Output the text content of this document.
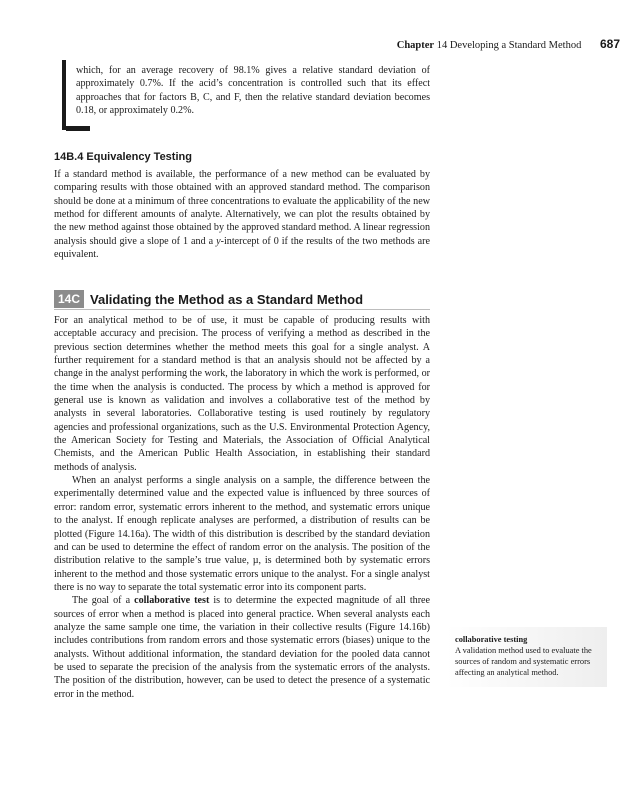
Chapter 14 Developing a Standard Method 687

which, for an average recovery of 98.1% gives a relative standard deviation of approximately 0.7%. If the acid’s concentration is controlled such that its effect approaches that for factors B, C, and F, then the relative standard deviation becomes 0.18, or approximately 0.2%.

14B.4 Equivalency Testing

If a standard method is available, the performance of a new method can be evaluated by comparing results with those obtained with an approved standard method. The comparison should be done at a minimum of three concentrations to evaluate the applicability of the new method for different amounts of analyte. Alternatively, we can plot the results obtained by the new method against those obtained by the approved standard method. A linear regression analysis should give a slope of 1 and a y-intercept of 0 if the results of the two methods are equivalent.

14C Validating the Method as a Standard Method

For an analytical method to be of use, it must be capable of producing results with acceptable accuracy and precision. The process of verifying a method as described in the previous section determines whether the method meets this goal for a single analyst. A further requirement for a standard method is that an analysis should not be affected by a change in the analyst performing the work, the laboratory in which the work is performed, or the time when the analysis is conducted. The process by which a method is approved for general use is known as validation and involves a collaborative test of the method by analysts in several laboratories. Collaborative testing is used routinely by regulatory agencies and professional organizations, such as the U.S. Environmental Protection Agency, the American Society for Testing and Materials, the Association of Official Analytical Chemists, and the American Public Health Association, in establishing their standard methods of analysis.

When an analyst performs a single analysis on a sample, the difference between the experimentally determined value and the expected value is influenced by three sources of error: random error, systematic errors inherent to the method, and systematic errors unique to the analyst. If enough replicate analyses are performed, a distribution of results can be plotted (Figure 14.16a). The width of this distribution is described by the standard deviation and can be used to determine the effect of random error on the analysis. The position of the distribution relative to the sample’s true value, µ, is determined both by systematic errors inherent to the method and those systematic errors unique to the analyst. For a single analyst there is no way to separate the total systematic error into its component parts.

The goal of a collaborative test is to determine the expected magnitude of all three sources of error when a method is placed into general practice. When several analysts each analyze the same sample one time, the variation in their collective results (Figure 14.16b) includes contributions from random errors and those systematic errors (biases) unique to the analysts. Without additional information, the standard deviation for the pooled data cannot be used to separate the precision of the analysis from the systematic errors of the analysts. The position of the distribution, however, can be used to detect the presence of a systematic error in the method.

collaborative testing
A validation method used to evaluate the sources of random and systematic errors affecting an analytical method.
